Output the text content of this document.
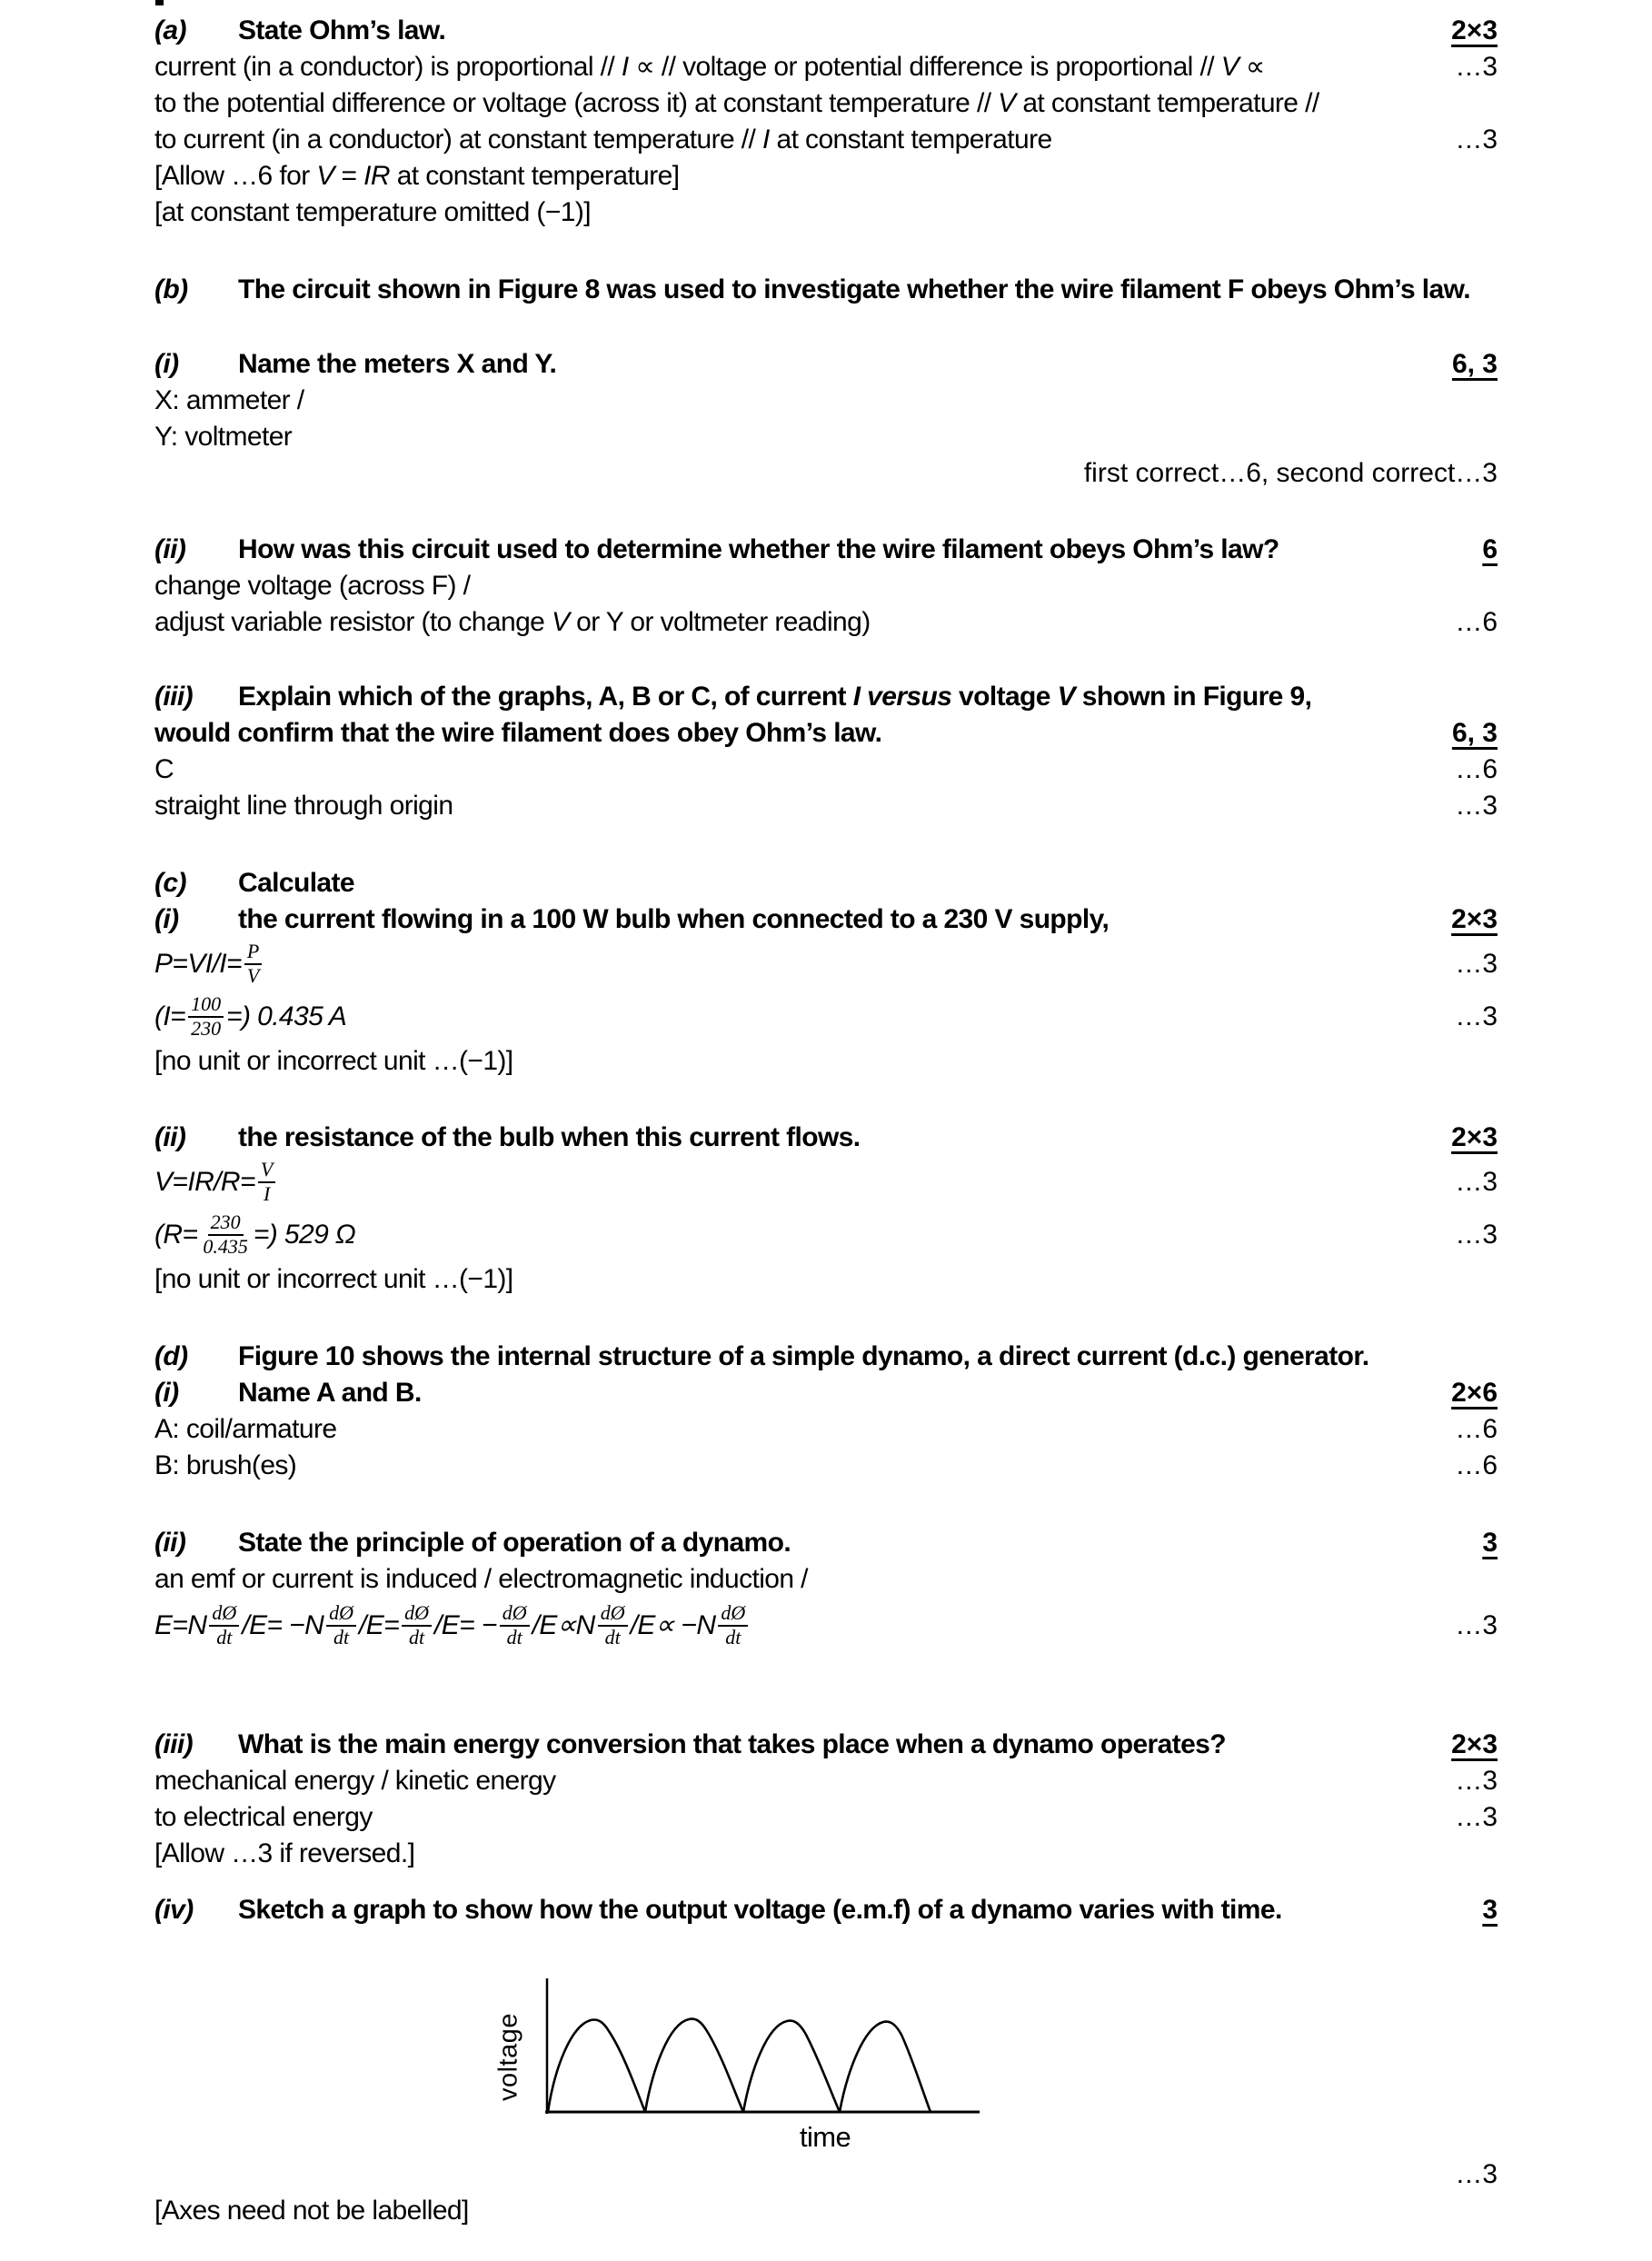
(a) State Ohm’s law.	2×3
current (in a conductor) is proportional // I ∝ // voltage or potential difference is proportional // V ∝	…3
to the potential difference or voltage (across it) at constant temperature // V at constant temperature //
to current (in a conductor) at constant temperature // I at constant temperature	…3
[Allow …6 for V = IR at constant temperature]
[at constant temperature omitted (−1)]
(b) The circuit shown in Figure 8 was used to investigate whether the wire filament F obeys Ohm’s law.
(i) Name the meters X and Y.	6, 3
X: ammeter /
Y: voltmeter
first correct…6, second correct…3
(ii) How was this circuit used to determine whether the wire filament obeys Ohm’s law?	6
change voltage (across F) /
adjust variable resistor (to change V or Y or voltmeter reading)	…6
(iii) Explain which of the graphs, A, B or C, of current I versus voltage V shown in Figure 9,
would confirm that the wire filament does obey Ohm’s law.	6, 3
C	…6
straight line through origin	…3
(c) Calculate
(i) the current flowing in a 100 W bulb when connected to a 230 V supply,	2×3
P = VI / $I = \frac{P}{V}$	…3
( $I = \frac{100}{230}$ =) 0.435 A	…3
[no unit or incorrect unit …(−1)]
(ii) the resistance of the bulb when this current flows.	2×3
V = IR / $R = \frac{V}{I}$	…3
( $R = \frac{230}{0.435}$ =) 529 Ω	…3
[no unit or incorrect unit …(−1)]
(d) Figure 10 shows the internal structure of a simple dynamo, a direct current (d.c.) generator.
(i) Name A and B.	2×6
A: coil/armature	…6
B: brush(es)	…6
(ii) State the principle of operation of a dynamo.	3
an emf or current is induced / electromagnetic induction /
E = N $\frac{dØ}{dt}$ / E = − N $\frac{dØ}{dt} / E = \frac{dØ}{dt} / E$ = − $\frac{dØ}{dt} / E \propto N \frac{dØ}{dt} / E$ ∝ − N $\frac{dØ}{dt}$	…3
(iii) What is the main energy conversion that takes place when a dynamo operates?	2×3
mechanical energy / kinetic energy	…3
to electrical energy	…3
[Allow …3 if reversed.]
(iv) Sketch a graph to show how the output voltage (e.m.f) of a dynamo varies with time.	3
voltage
time
…3
[Axes need not be labelled]
